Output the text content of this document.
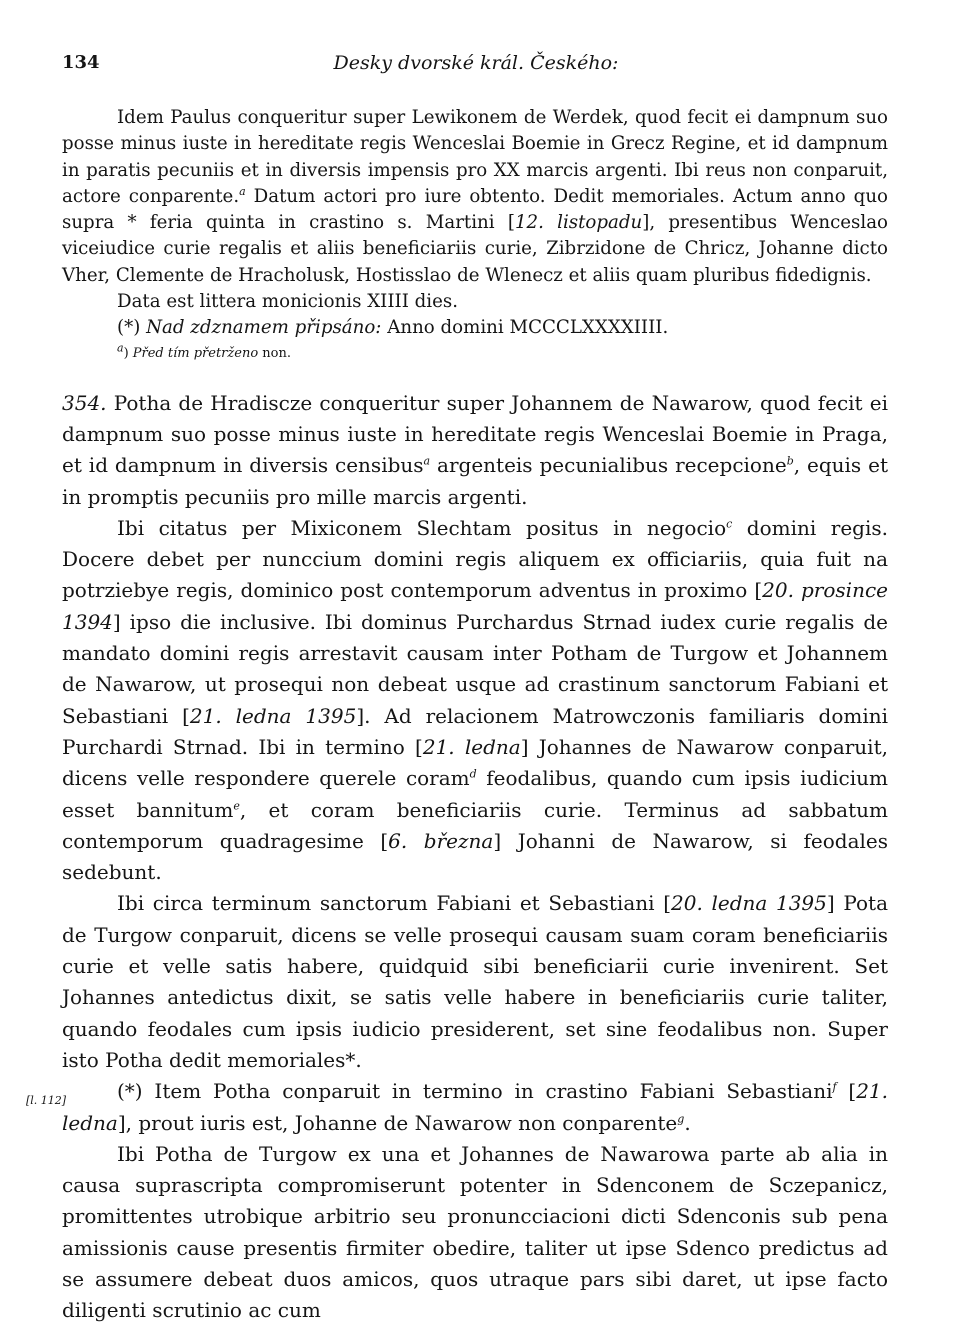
134	Desky dvorské král. Českého:

Idem Paulus conqueritur super Lewikonem de Werdek, quod fecit ei dampnum suo posse minus iuste in hereditate regis Wenceslai Boemie in Grecz Regine, et id dampnum in paratis pecuniis et in diversis impensis pro XX marcis argenti. Ibi reus non conparuit, actore conparente.$^a$ Datum actori pro iure obtento. Dedit memoriales. Actum anno quo supra * feria quinta in crastino s. Martini [12. listopadu], presentibus Wenceslao viceiudice curie regalis et aliis beneficiariis curie, Zibrzidone de Chricz, Johanne dicto Vher, Clemente de Hracholusk, Hostisslao de Wlenecz et aliis quam pluribus fidedignis.

Data est littera monicionis XIIII dies.

(*) Nad zdznamem připsáno: Anno domini MCCCLXXXXIIII.

$^a$) Před tím přetrženo non.

354. Potha de Hradiscze conqueritur super Johannem de Nawarow, quod fecit ei dampnum suo posse minus iuste in hereditate regis Wenceslai Boemie in Praga, et id dampnum in diversis censibus$^a$ argenteis pecunialibus recepcione$^b$, equis et in promptis pecuniis pro mille marcis argenti.

Ibi citatus per Mixiconem Slechtam positus in negocio$^c$ domini regis. Docere debet per nunccium domini regis aliquem ex officiariis, quia fuit na potrziebye regis, dominico post contemporum adventus in proximo [20. prosince 1394] ipso die inclusive. Ibi dominus Purchardus Strnad iudex curie regalis de mandato domini regis arrestavit causam inter Potham de Turgow et Johannem de Nawarow, ut prosequi non debeat usque ad crastinum sanctorum Fabiani et Sebastiani [21. ledna 1395]. Ad relacionem Matrowczonis familiaris domini Purchardi Strnad. Ibi in termino [21. ledna] Johannes de Nawarow conparuit, dicens velle respondere querele coram$^d$ feodalibus, quando cum ipsis iudicium esset bannitum$^e$, et coram beneficiariis curie. Terminus ad sabbatum contemporum quadragesime [6. března] Johanni de Nawarow, si feodales sedebunt.

Ibi circa terminum sanctorum Fabiani et Sebastiani [20. ledna 1395] Pota de Turgow conparuit, dicens se velle prosequi causam suam coram beneficiariis curie et velle satis habere, quidquid sibi beneficiarii curie invenirent. Set Johannes antedictus dixit, se satis velle habere in beneficiariis curie taliter, quando feodales cum ipsis iudicio presiderent, set sine feodalibus non. Super isto Potha dedit memoriales*.

(*) Item Potha conparuit in termino in crastino Fabiani Sebastiani$^f$ [21. ledna], prout iuris est, Johanne de Nawarow non conparente$^g$.

Ibi Potha de Turgow ex una et Johannes de Nawarowa parte ab alia in causa suprascripta compromiserunt potenter in Sdenconem de Sczepanicz, promittentes utrobique arbitrio seu pronuncciacioni dicti Sdenconis sub pena amissionis cause presentis firmiter obedire, taliter ut ipse Sdenco predictus ad se assumere debeat duos amicos, quos utraque pars sibi daret, ut ipse facto diligenti scrutinio ac cum

[l. 112]
